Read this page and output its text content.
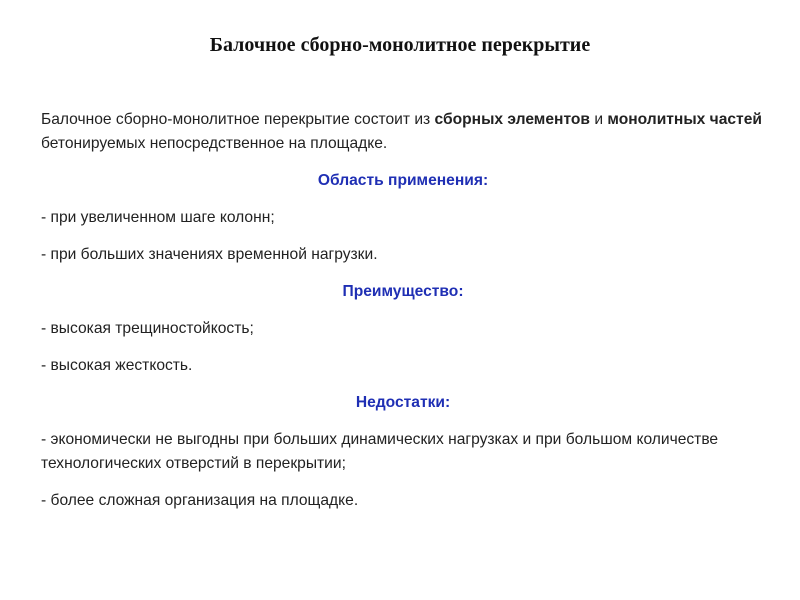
Балочное сборно-монолитное перекрытие

Балочное сборно-монолитное перекрытие состоит из сборных элементов и монолитных частей бетонируемых непосредственное на площадке.

Область применения:

- при увеличенном шаге колонн;

- при больших значениях временной нагрузки.

Преимущество:

- высокая трещиностойкость;

- высокая жесткость.

Недостатки:

- экономически не выгодны при больших динамических нагрузках и при большом количестве технологических отверстий в перекрытии;

- более сложная организация на площадке.
